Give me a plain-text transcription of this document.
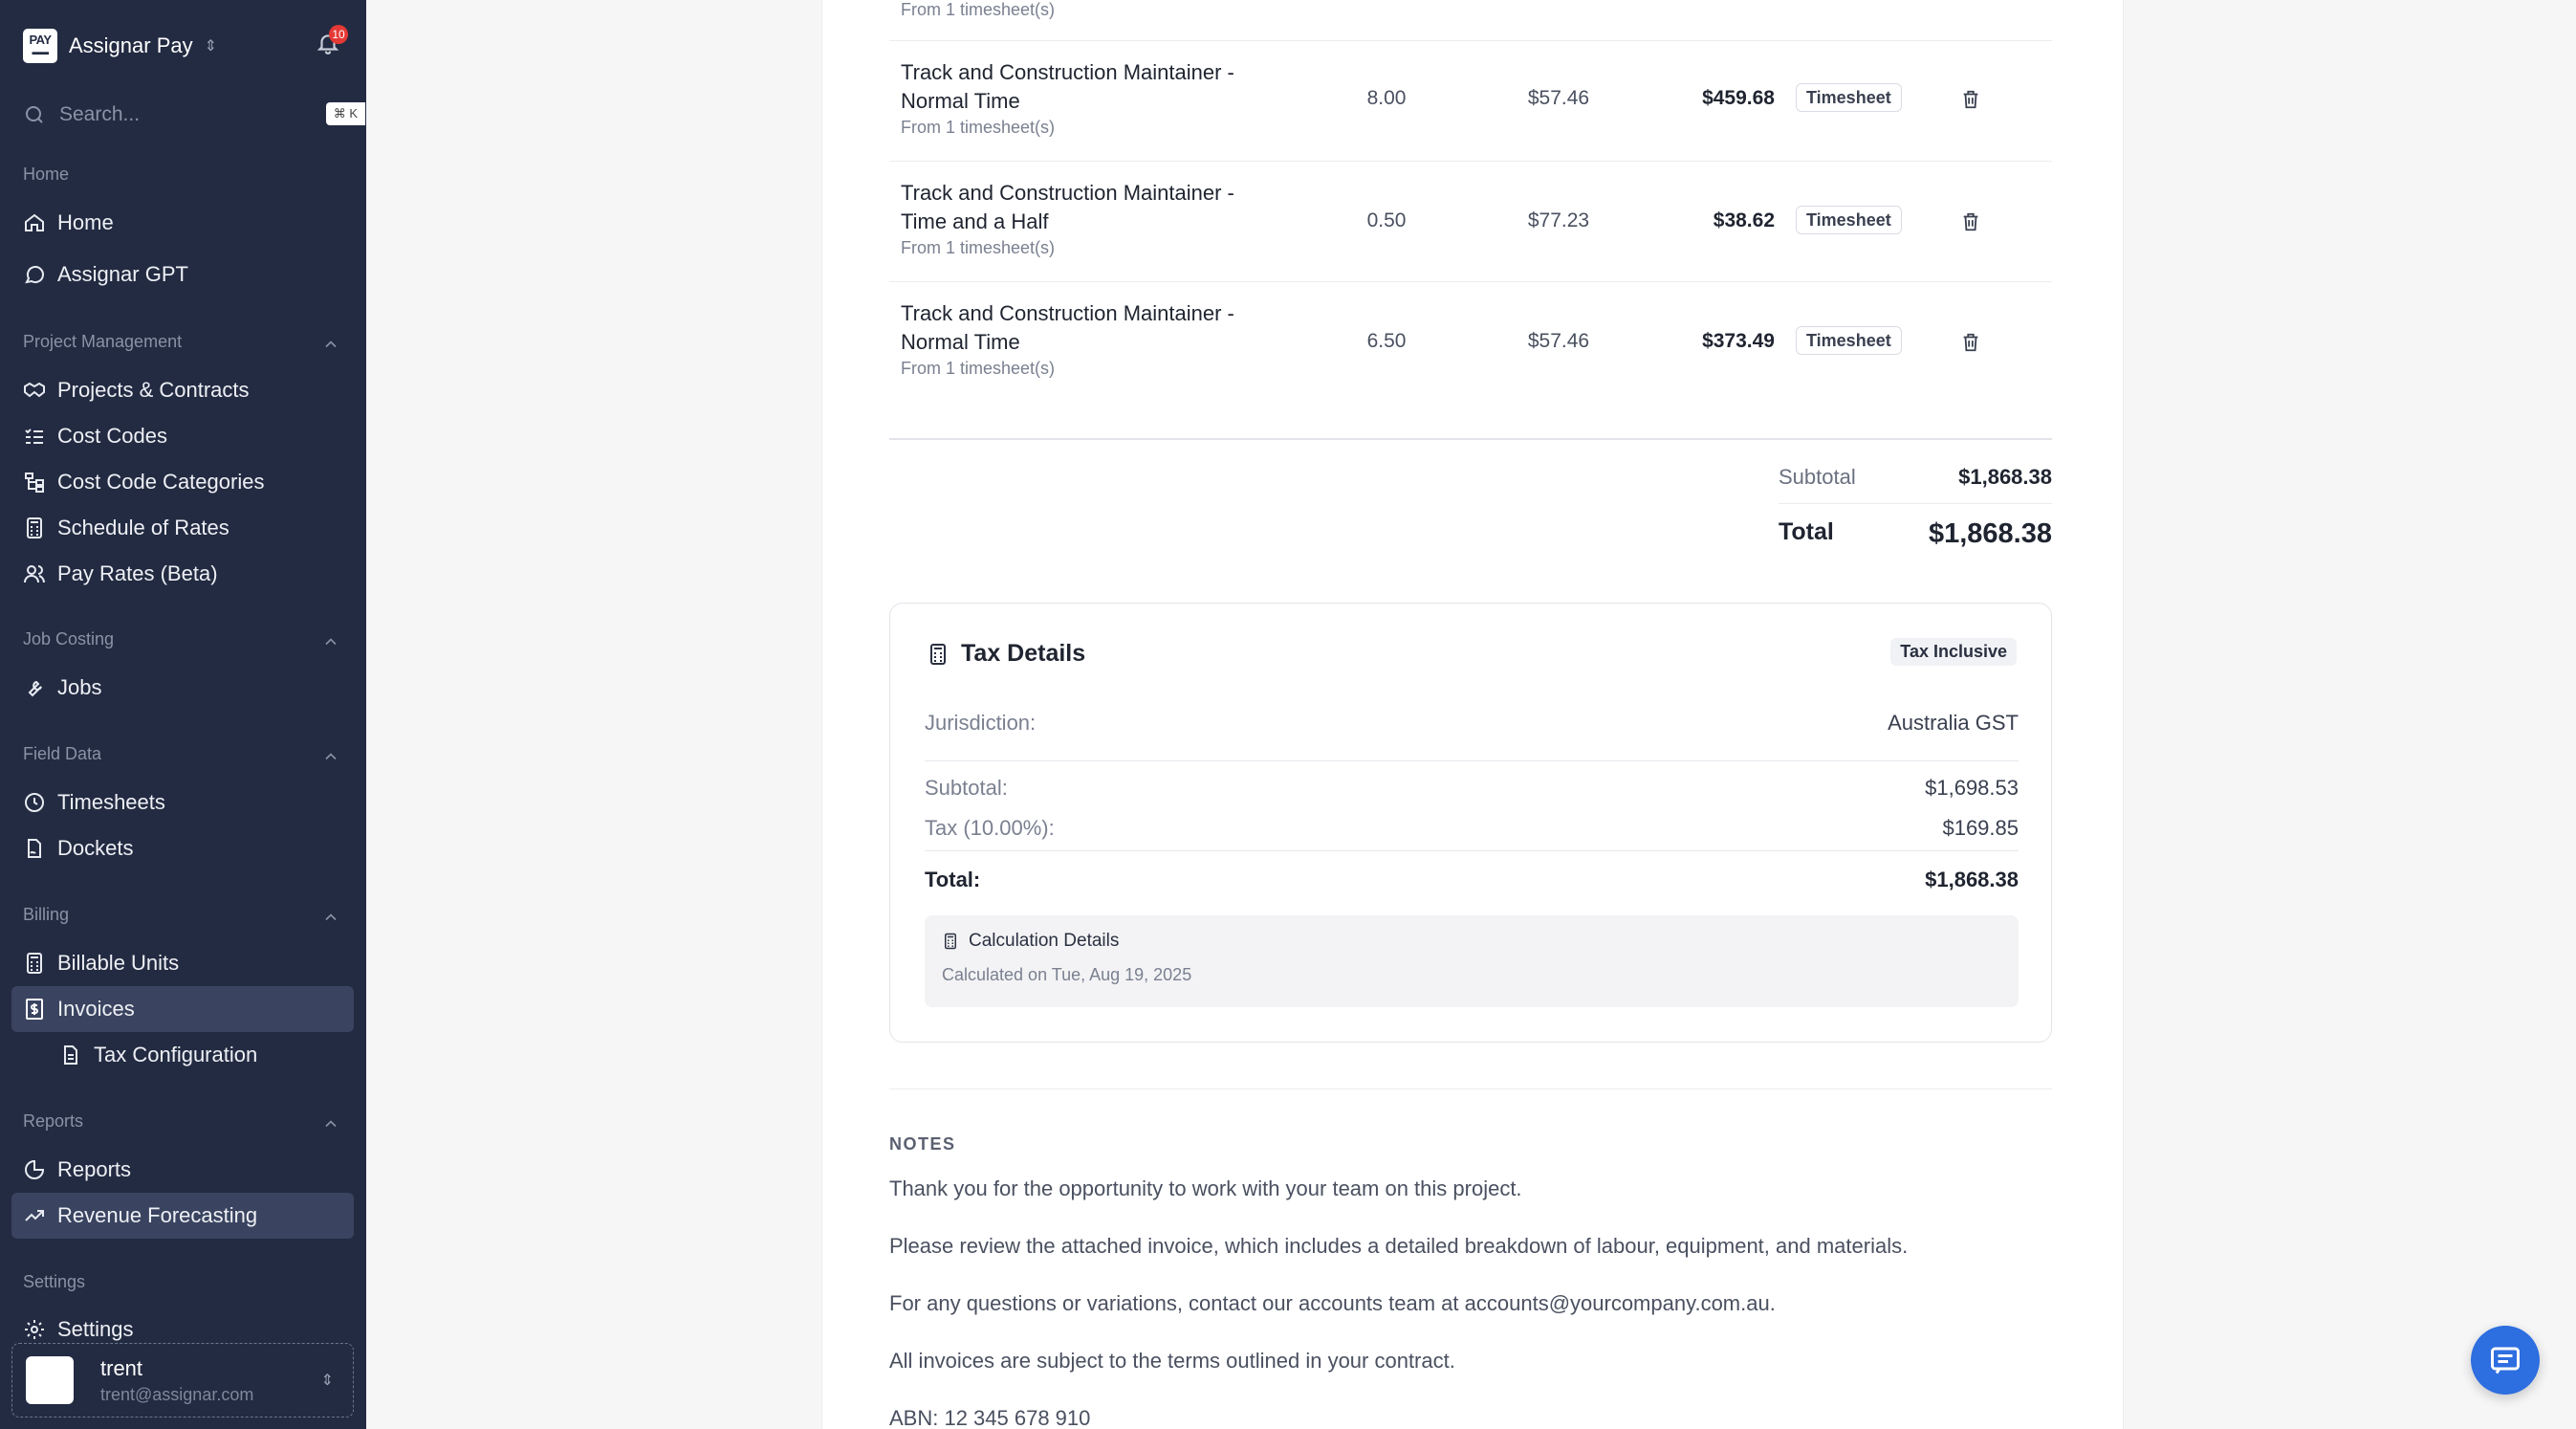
PAY
▬▬ Assignar Pay ⇕
10
Search...	⌘ K
Home
Home
Assignar GPT
Project Management
Projects & Contracts
Cost Codes
Cost Code Categories
Schedule of Rates
Pay Rates (Beta)
Job Costing
Jobs
Field Data
Timesheets
Dockets
Billing
Billable Units
Invoices
Tax Configuration
Reports
Reports
Revenue Forecasting
Settings
Settings
trent
trent@assignar.com
⇕
From 1 timesheet(s)
Track and Construction Maintainer -
Normal Time
From 1 timesheet(s)
8.00	$57.46	$459.68	Timesheet
Track and Construction Maintainer -
Time and a Half
From 1 timesheet(s)
0.50	$77.23	$38.62	Timesheet
Track and Construction Maintainer -
Normal Time
From 1 timesheet(s)
6.50	$57.46	$373.49	Timesheet
Subtotal	$1,868.38
Total	$1,868.38
Tax Details	Tax Inclusive
Jurisdiction:	Australia GST
Subtotal:	$1,698.53
Tax (10.00%):	$169.85
Total:	$1,868.38
Calculation Details
Calculated on Tue, Aug 19, 2025
NOTES
Thank you for the opportunity to work with your team on this project.
Please review the attached invoice, which includes a detailed breakdown of labour, equipment, and materials.
For any questions or variations, contact our accounts team at accounts@yourcompany.com.au.
All invoices are subject to the terms outlined in your contract.
ABN: 12 345 678 910
